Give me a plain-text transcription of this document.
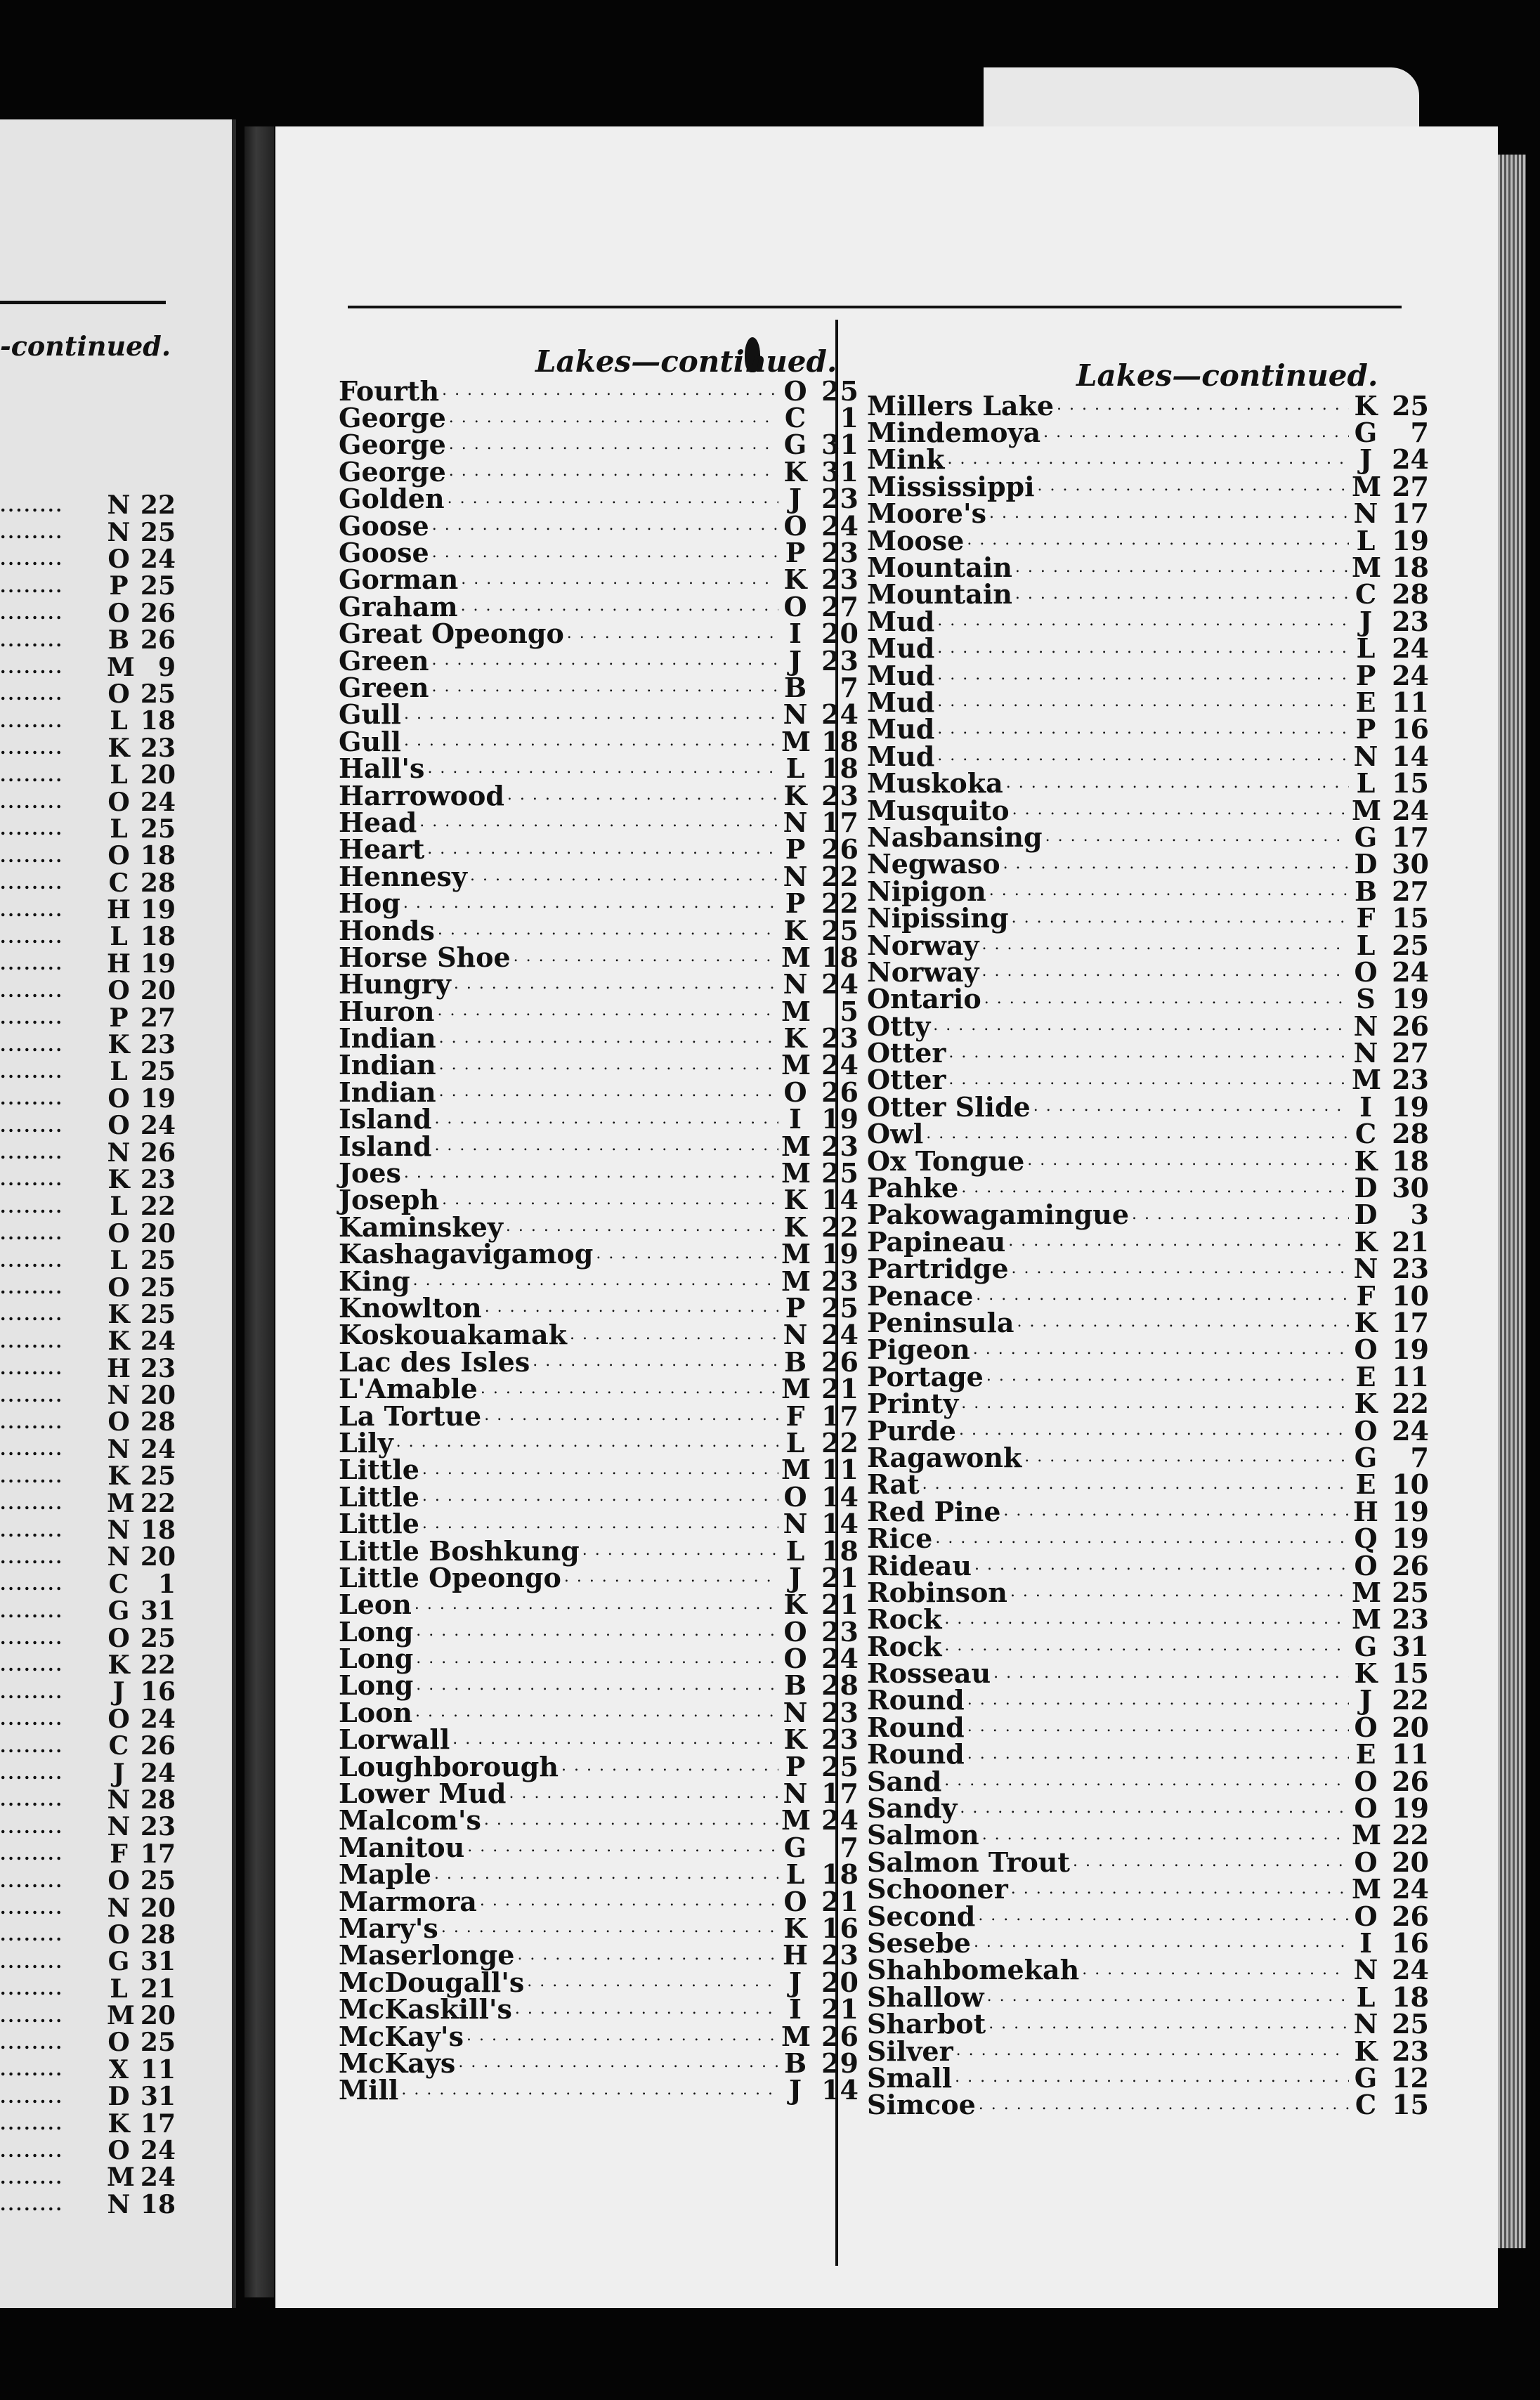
-continued.
........	N 22
........	N 25
........	O 24
........	P 25
........	O 26
........	B 26
........	M 9
........	O 25
........	L 18
........	K 23
........	L 20
........	O 24
........	L 25
........	O 18
........	C 28
........	H 19
........	L 18
........	H 19
........	O 20
........	P 27
........	K 23
........	L 25
........	O 19
........	O 24
........	N 26
........	K 23
........	L 22
........	O 20
........	L 25
........	O 25
........	K 25
........	K 24
........	H 23
........	N 20
........	O 28
........	N 24
........	K 25
........	M 22
........	N 18
........	N 20
........	C	1
........	G 31
........	O 25
........	K 22
........	J 16
........	O 24
........	C 26
........	J 24
........	N 28
........	N 23
........	F 17
........	O 25
........	N 20
........	O 28
........	G 31
........	L 21
........	M 20
........	O 25
........	X 11
........	D 31
........	K 17
........	O 24
........	M 24
........	N 18
Lakes—continued.	Lakes—continued.
Fourth . . .	O 25
George . . .	C	1
George . . .	G 31
George . . .	K 31
Golden . . .	J 23
Goose . . .	O 24
Goose . . .	P 23
Gorman . . .	K 23
Graham . . .	O 27
Great Opeongo . . .	I 20
Green . . .	J 23
Green . . .	B	7
Gull . . .	N 24
Gull . . .	M 18
Hall's . . .	L 18
Harrowood . . .	K 23
Head . . .	N 17
Heart . . .	P 26
Hennesy . . .	N 22
Hog . . .	P 22
Honds . . .	K 25
Horse Shoe . . .	M 18
Hungry . . .	N 24
Huron . . .	M	5
Indian . . .	K 23
Indian . . .	M 24
Indian . . .	O 26
Island . . .	I 19
Island . . .	M 23
Joes . . .	M 25
Joseph . . .	K 14
Kaminskey . . .	K 22
Kashagavigamog . . .	M 19
King . . .	M 23
Knowlton . . .	P 25
Koskouakamak . . .	N 24
Lac des Isles . . .	B 26
L'Amable . . .	M 21
La Tortue . . .	F 17
Lily . . .	L 22
Little . . .	M 11
Little . . .	O 14
Little . . .	N 14
Little Boshkung . . .	L 18
Little Opeongo . . .	J 21
Leon . . .	K 21
Long . . .	O 23
Long . . .	O 24
Long . . .	B 28
Loon . . .	N 23
Lorwall . . .	K 23
Loughborough . . .	P 25
Lower Mud . . .	N 17
Malcom's . . .	M 24
Manitou . . .	G	7
Maple . . .	L 18
Marmora . . .	O 21
Mary's . . .	K 16
Maserlonge . . .	H 23
McDougall's . . .	J 20
McKaskill's . . .	I 21
McKay's . . .	M 26
McKays . . .	B 29
Mill . . .	J 14
Millers Lake . . .	K 25
Mindemoya . . .	G	7
Mink . . .	J 24
Mississippi . . .	M 27
Moore's . . .	N 17
Moose . . .	L 19
Mountain . . .	M 18
Mountain . . .	C 28
Mud . . .	J 23
Mud . . .	L 24
Mud . . .	P 24
Mud . . .	E 11
Mud . . .	P 16
Mud . . .	N 14
Muskoka . . .	L 15
Musquito . . .	M 24
Nasbansing . . .	G 17
Negwaso . . .	D 30
Nipigon . . .	B 27
Nipissing . . .	F 15
Norway . . .	L 25
Norway . . .	O 24
Ontario . . .	S 19
Otty . . .	N 26
Otter . . .	N 27
Otter . . .	M 23
Otter Slide . . .	I 19
Owl . . .	C 28
Ox Tongue . . .	K 18
Pahke . . .	D 30
Pakowagamingue . . .	D	3
Papineau . . .	K 21
Partridge . . .	N 23
Penace . . .	F 10
Peninsula . . .	K 17
Pigeon . . .	O 19
Portage . . .	E 11
Printy . . .	K 22
Purde . . .	O 24
Ragawonk . . .	G	7
Rat . . .	E 10
Red Pine . . .	H 19
Rice . . .	Q 19
Rideau . . .	O 26
Robinson . . .	M 25
Rock . . .	M 23
Rock . . .	G 31
Rosseau . . .	K 15
Round . . .	J 22
Round . . .	O 20
Round . . .	E 11
Sand . . .	O 26
Sandy . . .	O 19
Salmon . . .	M 22
Salmon Trout . . .	O 20
Schooner . . .	M 24
Second . . .	O 26
Sesebe . . .	I 16
Shahbomekah . . .	N 24
Shallow . . .	L 18
Sharbot . . .	N 25
Silver . . .	K 23
Small . . .	G 12
Simcoe . . .	C 15
